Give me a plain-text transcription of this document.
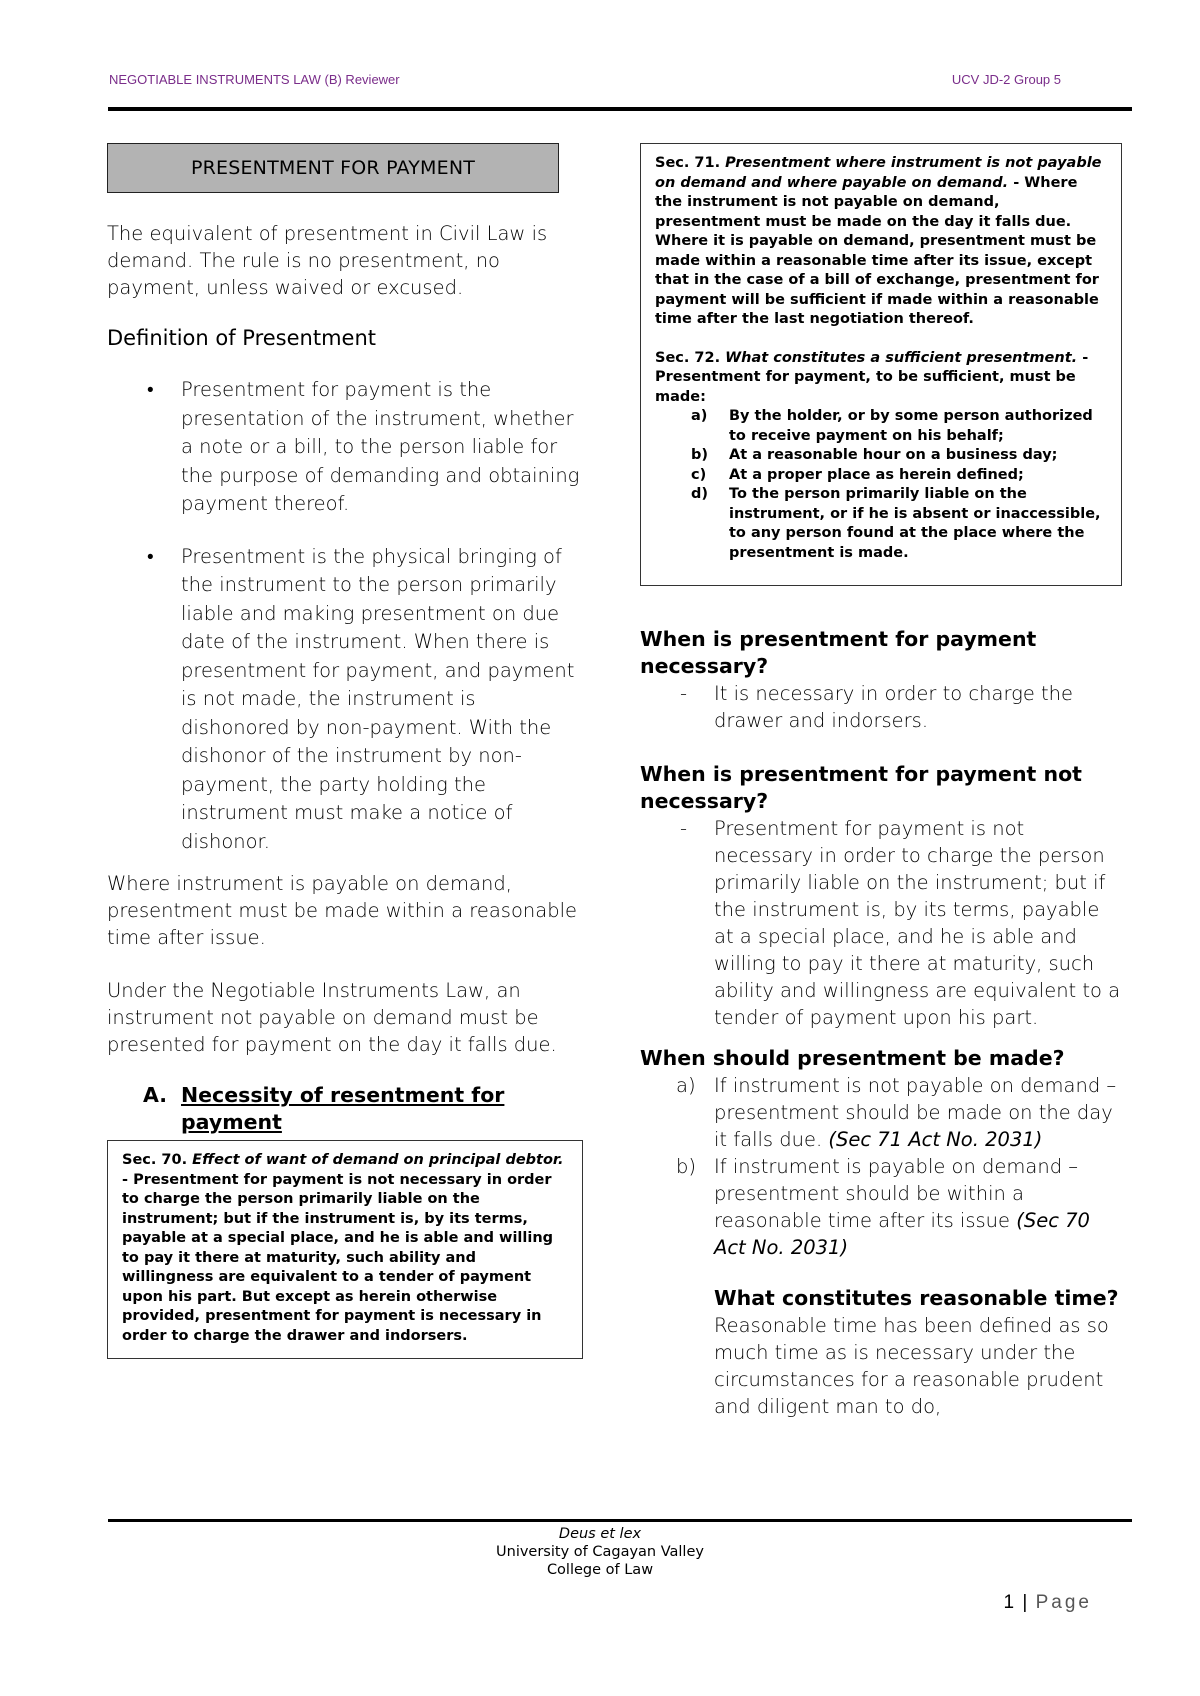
NEGOTIABLE INSTRUMENTS LAW (B) Reviewer	UCV JD-2 Group 5
PRESENTMENT FOR PAYMENT

The equivalent of presentment in Civil Law is demand. The rule is no presentment, no payment, unless waived or excused.

Definition of Presentment

• Presentment for payment is the presentation of the instrument, whether a note or a bill, to the person liable for the purpose of demanding and obtaining payment thereof.
• Presentment is the physical bringing of the instrument to the person primarily liable and making presentment on due date of the instrument. When there is presentment for payment, and payment is not made, the instrument is dishonored by non-payment. With the dishonor of the instrument by non-payment, the party holding the instrument must make a notice of dishonor.

Where instrument is payable on demand, presentment must be made within a reasonable time after issue.

Under the Negotiable Instruments Law, an instrument not payable on demand must be presented for payment on the day it falls due.

A. Necessity of resentment for payment
Sec. 70. Effect of want of demand on principal debtor. - Presentment for payment is not necessary in order to charge the person primarily liable on the instrument; but if the instrument is, by its terms, payable at a special place, and he is able and willing to pay it there at maturity, such ability and willingness are equivalent to a tender of payment upon his part. But except as herein otherwise provided, presentment for payment is necessary in order to charge the drawer and indorsers.
Sec. 71. Presentment where instrument is not payable on demand and where payable on demand. - Where the instrument is not payable on demand, presentment must be made on the day it falls due. Where it is payable on demand, presentment must be made within a reasonable time after its issue, except that in the case of a bill of exchange, presentment for payment will be sufficient if made within a reasonable time after the last negotiation thereof.
Sec. 72. What constitutes a sufficient presentment. - Presentment for payment, to be sufficient, must be made:
a) By the holder, or by some person authorized to receive payment on his behalf;
b) At a reasonable hour on a business day;
c) At a proper place as herein defined;
d) To the person primarily liable on the instrument, or if he is absent or inaccessible, to any person found at the place where the presentment is made.

When is presentment for payment necessary?

- It is necessary in order to charge the drawer and indorsers.

When is presentment for payment not necessary?

- Presentment for payment is not necessary in order to charge the person primarily liable on the instrument; but if the instrument is, by its terms, payable at a special place, and he is able and willing to pay it there at maturity, such ability and willingness are equivalent to a tender of payment upon his part.

When should presentment be made?

a) If instrument is not payable on demand – presentment should be made on the day it falls due. (Sec 71 Act No. 2031)
b) If instrument is payable on demand – presentment should be within a reasonable time after its issue (Sec 70 Act No. 2031)

What constitutes reasonable time?

Reasonable time has been defined as so much time as is necessary under the circumstances for a reasonable prudent and diligent man to do,

Deus et lex
University of Cagayan Valley
College of Law
1 | Page
